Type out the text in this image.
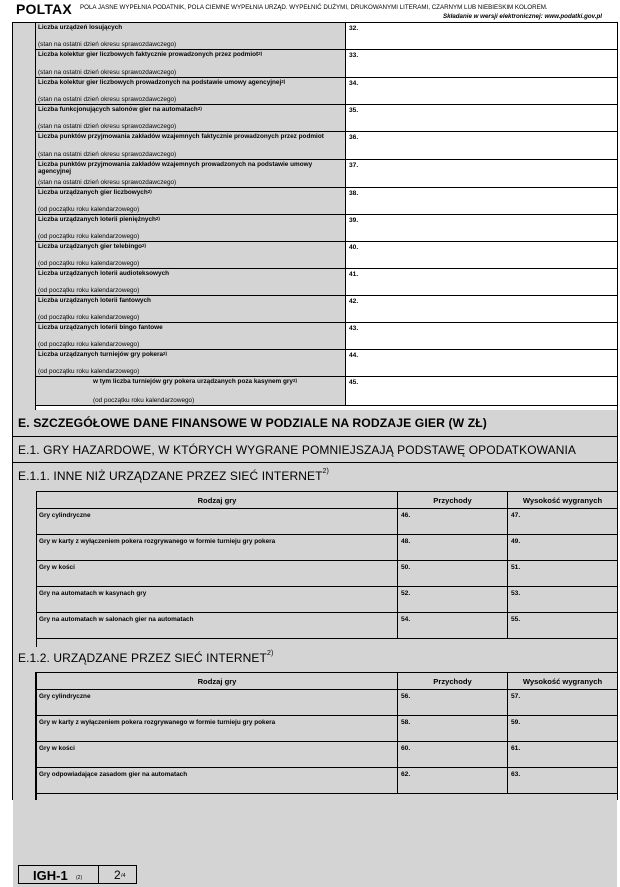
POLTAX POLA JASNE WYPEŁNIA PODATNIK, POLA CIEMNE WYPEŁNIA URZĄD. WYPEŁNIĆ DUŻYMI, DRUKOWANYMI LITERAMI, CZARNYM LUB NIEBIESKIM KOLOREM.
Składanie w wersji elektronicznej: www.podatki.gov.pl
Liczba urządzeń losujących
(stan na ostatni dzień okresu sprawozdawczego)
32.
Liczba kolektur gier liczbowych faktycznie prowadzonych przez podmiot$^{2)}$
(stan na ostatni dzień okresu sprawozdawczego)
33.
Liczba kolektur gier liczbowych prowadzonych na podstawie umowy agencyjnej$^{2)}$
(stan na ostatni dzień okresu sprawozdawczego)
34.
Liczba funkcjonujących salonów gier na automatach$^{2)}$
(stan na ostatni dzień okresu sprawozdawczego)
35.
Liczba punktów przyjmowania zakładów wzajemnych faktycznie prowadzonych przez podmiot
(stan na ostatni dzień okresu sprawozdawczego)
36.
Liczba punktów przyjmowania zakładów wzajemnych prowadzonych na podstawie umowy agencyjnej
(stan na ostatni dzień okresu sprawozdawczego)
37.
Liczba urządzanych gier liczbowych$^{2)}$
(od początku roku kalendarzowego)
38.
Liczba urządzanych loterii pieniężnych$^{2)}$
(od początku roku kalendarzowego)
39.
Liczba urządzanych gier telebingo$^{2)}$
(od początku roku kalendarzowego)
40.
Liczba urządzanych loterii audioteksowych
(od początku roku kalendarzowego)
41.
Liczba urządzanych loterii fantowych
(od początku roku kalendarzowego)
42.
Liczba urządzanych loterii bingo fantowe
(od początku roku kalendarzowego)
43.
Liczba urządzanych turniejów gry pokera$^{2)}$
(od początku roku kalendarzowego)
44.
w tym liczba turniejów gry pokera urządzanych poza kasynem gry$^{2)}$
(od początku roku kalendarzowego)
45.
E. SZCZEGÓŁOWE DANE FINANSOWE W PODZIALE NA RODZAJE GIER (W ZŁ)
E.1. GRY HAZARDOWE, W KTÓRYCH WYGRANE POMNIEJSZAJĄ PODSTAWĘ OPODATKOWANIA
E.1.1. INNE NIŻ URZĄDZANE PRZEZ SIEĆ INTERNET$^{2)}$
Rodzaj gry	Przychody	Wysokość wygranych
Gry cylindryczne	46.	47.
Gry w karty z wyłączeniem pokera rozgrywanego w formie turnieju gry pokera	48.	49.
Gry w kości	50.	51.
Gry na automatach w kasynach gry	52.	53.
Gry na automatach w salonach gier na automatach	54.	55.
E.1.2. URZĄDZANE PRZEZ SIEĆ INTERNET$^{2)}$
Rodzaj gry	Przychody	Wysokość wygranych
Gry cylindryczne	56.	57.
Gry w karty z wyłączeniem pokera rozgrywanego w formie turnieju gry pokera	58.	59.
Gry w kości	60.	61.
Gry odpowiadające zasadom gier na automatach	62.	63.
IGH-1 (2)	2 /4
